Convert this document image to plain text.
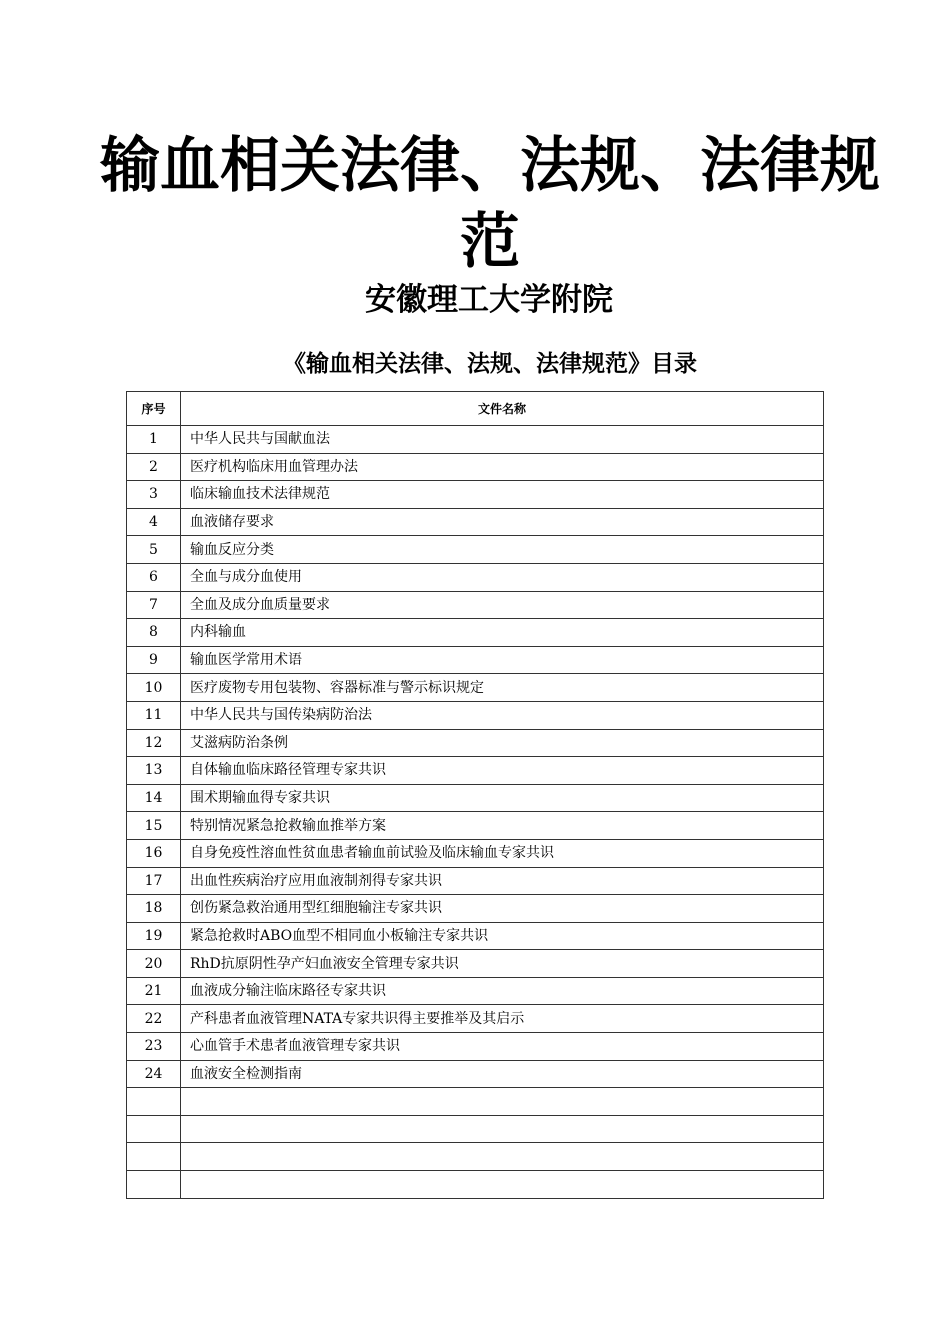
输血相关法律、法规、法律规范
安徽理工大学附院
《输血相关法律、法规、法律规范》目录
序号	文件名称
1	中华人民共与国献血法
2	医疗机构临床用血管理办法
3	临床输血技术法律规范
4	血液储存要求
5	输血反应分类
6	全血与成分血使用
7	全血及成分血质量要求
8	内科输血
9	输血医学常用术语
10	医疗废物专用包装物、容器标准与警示标识规定
11	中华人民共与国传染病防治法
12	艾滋病防治条例
13	自体输血临床路径管理专家共识
14	围术期输血得专家共识
15	特别情况紧急抢救输血推举方案
16	自身免疫性溶血性贫血患者输血前试验及临床输血专家共识
17	出血性疾病治疗应用血液制剂得专家共识
18	创伤紧急救治通用型红细胞输注专家共识
19	紧急抢救时ABO血型不相同血小板输注专家共识
20	RhD抗原阴性孕产妇血液安全管理专家共识
21	血液成分输注临床路径专家共识
22	产科患者血液管理NATA专家共识得主要推举及其启示
23	心血管手术患者血液管理专家共识
24	血液安全检测指南
